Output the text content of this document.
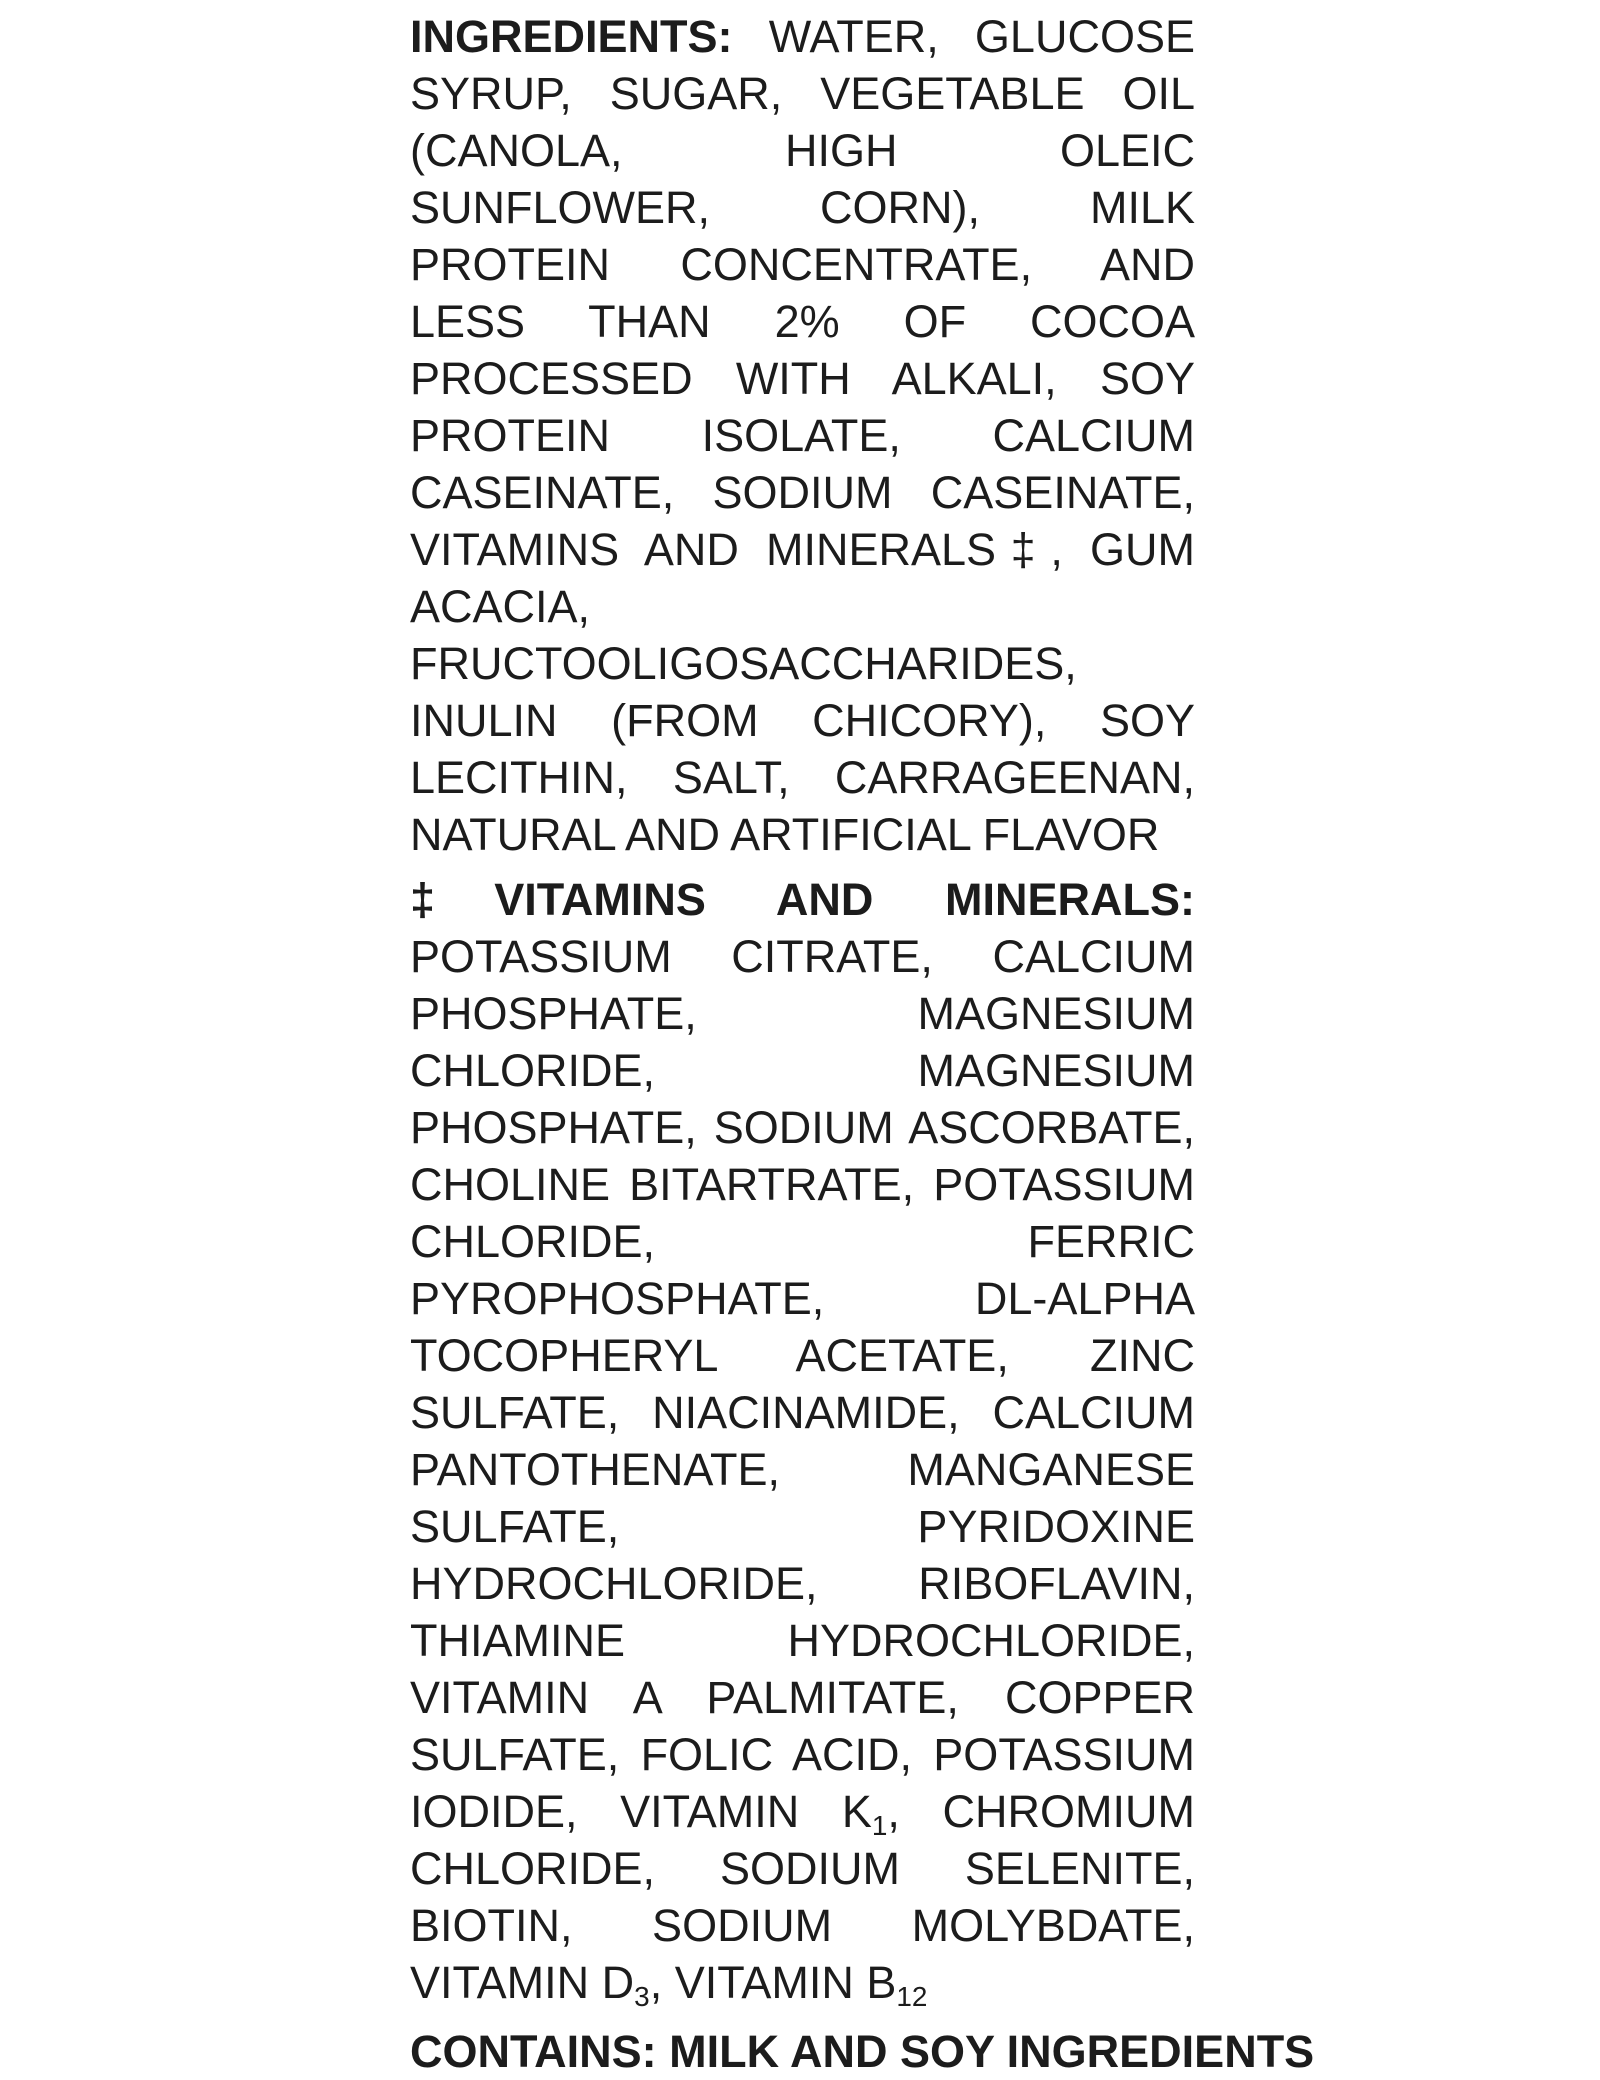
INGREDIENTS: WATER, GLUCOSE SYRUP, SUGAR, VEGETABLE OIL (CANOLA, HIGH OLEIC SUNFLOWER, CORN), MILK PROTEIN CONCENTRATE, AND LESS THAN 2% OF COCOA PROCESSED WITH ALKALI, SOY PROTEIN ISOLATE, CALCIUM CASEINATE, SODIUM CASEINATE, VITAMINS AND MINERALS‡, GUM ACACIA, FRUCTOOLIGOSACCHARIDES, INULIN (FROM CHICORY), SOY LECITHIN, SALT, CARRAGEENAN, NATURAL AND ARTIFICIAL FLAVOR

‡VITAMINS AND MINERALS: POTASSIUM CITRATE, CALCIUM PHOSPHATE, MAGNESIUM CHLORIDE, MAGNESIUM PHOSPHATE, SODIUM ASCORBATE, CHOLINE BITARTRATE, POTASSIUM CHLORIDE, FERRIC PYROPHOSPHATE, DL-ALPHA TOCOPHERYL ACETATE, ZINC SULFATE, NIACINAMIDE, CALCIUM PANTOTHENATE, MANGANESE SULFATE, PYRIDOXINE HYDROCHLORIDE, RIBOFLAVIN, THIAMINE HYDROCHLORIDE, VITAMIN A PALMITATE, COPPER SULFATE, FOLIC ACID, POTASSIUM IODIDE, VITAMIN $K_1$, CHROMIUM CHLORIDE, SODIUM SELENITE, BIOTIN, SODIUM MOLYBDATE, VITAMIN $D_3$, VITAMIN $B_{12}$

CONTAINS: MILK AND SOY INGREDIENTS
